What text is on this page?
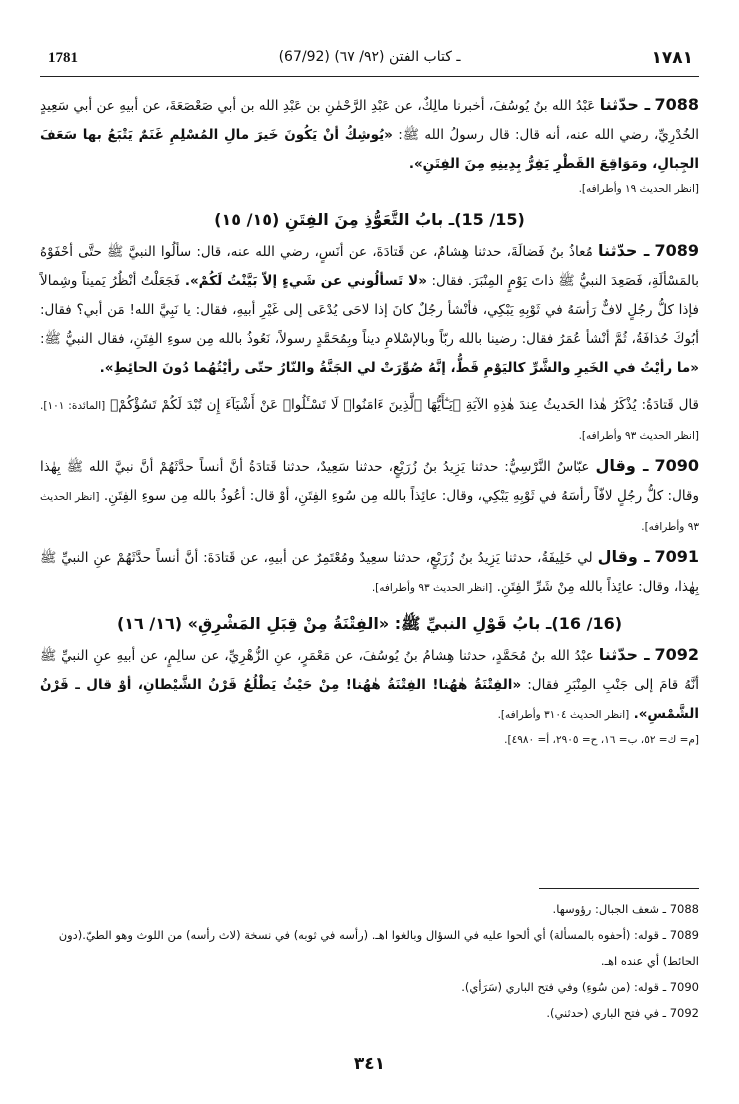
1781	(67/92) ـ كتاب الفتن (٩٢/ ٦٧)	١٧٨١

7088 ـ حدّثنا عَبْدُ الله بنُ يُوسُفَ، أخبرنا مالِكٌ، عن عَبْدِ الرَّحْمٰنِ بن عَبْدِ الله بن أبي صَعْصَعَةَ، عن أبيهِ عن أبي سَعِيدٍ الخُدْرِيِّ، رضي الله عنه، أنه قال: قال رسولُ الله ﷺ: «يُوشِكُ أنْ يَكُونَ خَيرَ مالِ المُسْلِمِ غَنَمٌ يَتْبَعُ بها سَعَفَ الجِبالِ، ومَوَاقِعَ القَطْرِ يَفِرُّ بِدِينِهِ مِنَ الفِتَنِ».
[انظر الحديث ١٩ وأطرافه].

(15/ 15)ـ بابُ التَّعَوُّذِ مِنَ الفِتَنِ (١٥/ ١٥)

7089 ـ حدّثنا مُعاذُ بنُ فَضالَةَ، حدثنا هِشامٌ، عن قَتادَةَ، عن أنَسٍ، رضي الله عنه، قال: سألُوا النبيَّ ﷺ حتَّى أحْفَوْهُ بالمَسْألَةِ، فَصَعِدَ النبيُّ ﷺ ذاتَ يَوْمٍ المِنْبَرَ. فقال: «لا تَسألُوني عن شَيءٍ إلاّ بَيَّنْتُ لَكُمْ». فَجَعَلْتُ أنْظُرُ يَميناً وشِمالاً فإذا كلُّ رجُلٍ لافٌّ رَأسَهُ في ثَوْبِهِ يَبْكِي، فأنْشأ رجُلٌ كانَ إذا لاحَى يُدْعَى إلى غَيْرِ أبيهِ، فقال: يا نَبِيَّ الله! مَن أبي؟ فقال: أبُوكَ حُذافَةُ، ثُمَّ أنْشأ عُمَرُ فقال: رضينا بالله ربّاً وبالإسْلامِ ديناً وبِمُحَمَّدٍ رسولاً، نَعُوذُ بالله مِن سوءِ الفِتَنِ، فقال النبيُّ ﷺ: «ما رأيْتُ في الخَيرِ والشَّرِّ كاليَوْمِ قَطُّ، إنَّهُ صُوِّرَتْ لي الجَنَّةُ والنّارُ حتّى رأيْتُهُما دُونَ الحائِطِ».

قال قَتادَةُ: يُذْكَرُ هٰذا الحَديثُ عِندَ هٰذِهِ الآيَةِ ﴿يَـٰٓأَيُّهَا ٱلَّذِينَ ءَامَنُوا۟ لَا تَسْـَٔلُوا۟ عَنْ أَشْيَآءَ إِن تُبْدَ لَكُمْ تَسُؤْكُمْ﴾ [المائدة: ١٠١]. [انظر الحديث ٩٣ وأطرافه].

7090 ـ وقال عبّاسٌ النَّرْسِيُّ: حدثنا يَزِيدُ بنُ زُرَيْعٍ، حدثنا سَعِيدٌ، حدثنا قَتادَةُ أنَّ أنساً حدَّثَهُمْ أنَّ نبيَّ الله ﷺ بِهٰذا وقال: كلُّ رجُلٍ لافّاً رأسَهُ في ثَوْبِهِ يَبْكِي، وقال: عائِذاً بالله مِن سُوءِ الفِتَنِ، أوْ قال: أعُوذُ بالله مِن سوءِ الفِتَنِ. [انظر الحديث ٩٣ وأطرافه].

7091 ـ وقال لي خَلِيفَةُ، حدثنا يَزِيدُ بنُ زُرَيْعٍ، حدثنا سعِيدٌ ومُعْتَمِرٌ عن أبيهِ، عن قَتادَةَ: أنَّ أنساً حدَّثَهُمْ عنِ النبيِّ ﷺ بِهٰذا، وقال: عائِذاً بالله مِنْ شَرِّ الفِتَنِ. [انظر الحديث ٩٣ وأطرافه].

(16/ 16)ـ بابُ قَوْلِ النبيِّ ﷺ: «الفِتْنَةُ مِنْ قِبَلِ المَشْرِقِ» (١٦/ ١٦)

7092 ـ حدّثنا عبْدُ الله بنُ مُحَمَّدٍ، حدثنا هِشامُ بنُ يُوسُفَ، عن مَعْمَرٍ، عنِ الزُّهْرِيِّ، عن سالِمٍ، عن أبيهِ عنِ النبيِّ ﷺ أنَّهُ قامَ إلى جَنْبِ المِنْبَرِ فقال: «الفِتْنَةُ هٰهُنا! الفِتْنَةُ هٰهُنا! مِنْ حَيْثُ يَطْلُعُ قَرْنُ الشَّيْطانِ، أوْ قال ـ قَرْنُ الشَّمْسِ». [انظر الحديث ٣١٠٤ وأطرافه].
[م= ك= ٥٢، ب= ١٦، ح= ٢٩٠٥، أ= ٤٩٨٠].

7088 ـ شعف الجبال: رؤوسها.

7089 ـ قوله: (أحفوه بالمسألة) أي ألحوا عليه في السؤال وبالغوا اهـ. (رأسه في ثوبه) في نسخة (لاث رأسه) من اللوث وهو الطيّ.(دون الحائط) أي عنده اهـ.

7090 ـ قوله: (من سُوءِ) وفي فتح الباري (سَرَأي).

7092 ـ في فتح الباري (حدثني).

٣٤١
